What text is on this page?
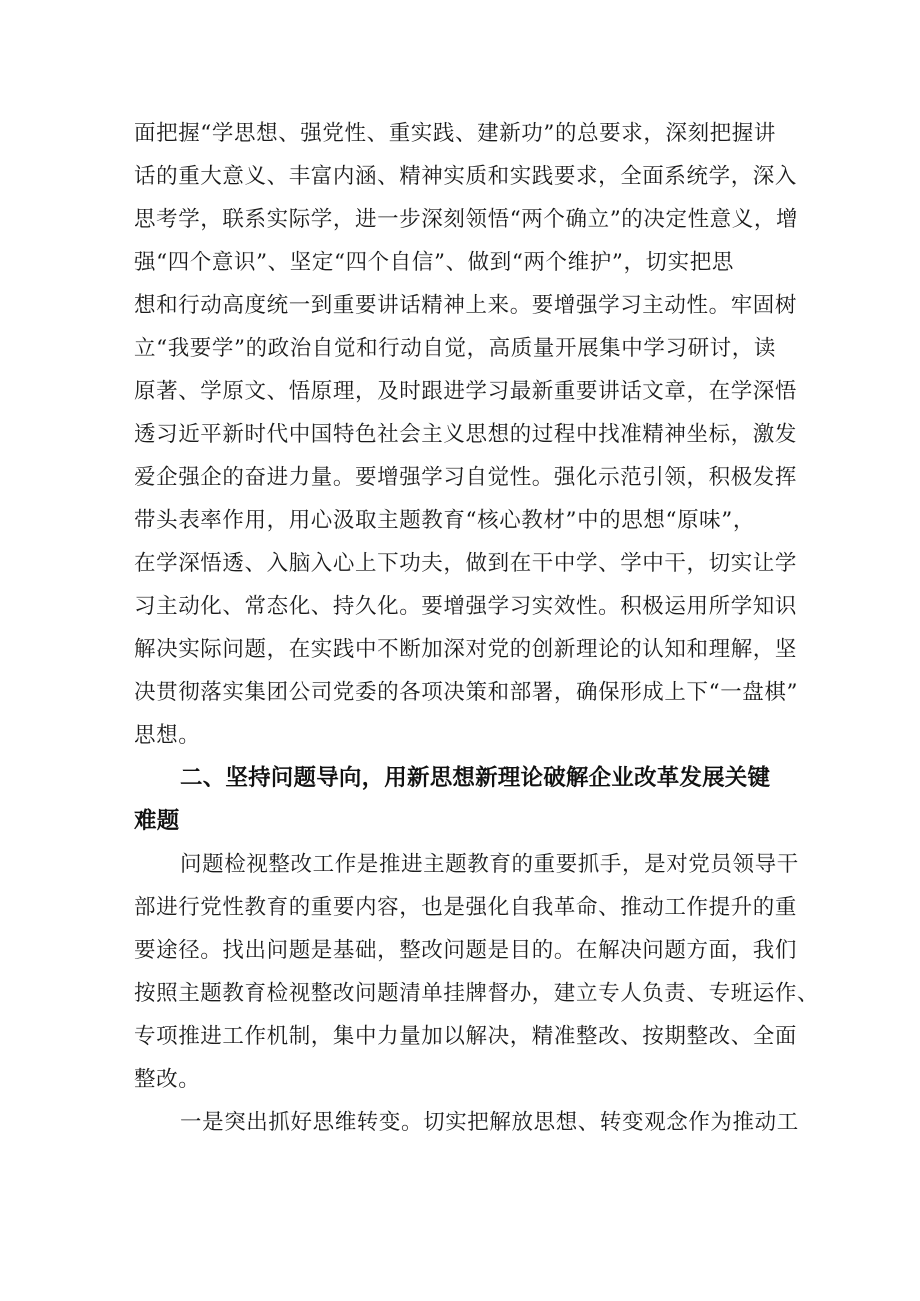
面把握“学思想、强党性、重实践、建新功”的总要求，深刻把握讲
话的重大意义、丰富内涵、精神实质和实践要求，全面系统学，深入
思考学，联系实际学，进一步深刻领悟“两个确立”的决定性意义，增
强“四个意识”、坚定“四个自信”、做到“两个维护”，切实把思
想和行动高度统一到重要讲话精神上来。要增强学习主动性。牢固树
立“我要学”的政治自觉和行动自觉，高质量开展集中学习研讨，读
原著、学原文、悟原理，及时跟进学习最新重要讲话文章，在学深悟
透习近平新时代中国特色社会主义思想的过程中找准精神坐标，激发
爱企强企的奋进力量。要增强学习自觉性。强化示范引领，积极发挥
带头表率作用，用心汲取主题教育“核心教材”中的思想“原味”，
在学深悟透、入脑入心上下功夫，做到在干中学、学中干，切实让学
习主动化、常态化、持久化。要增强学习实效性。积极运用所学知识
解决实际问题，在实践中不断加深对党的创新理论的认知和理解，坚
决贯彻落实集团公司党委的各项决策和部署，确保形成上下“一盘棋”
思想。
二、坚持问题导向，用新思想新理论破解企业改革发展关键
难题
问题检视整改工作是推进主题教育的重要抓手，是对党员领导干
部进行党性教育的重要内容，也是强化自我革命、推动工作提升的重
要途径。找出问题是基础，整改问题是目的。在解决问题方面，我们
按照主题教育检视整改问题清单挂牌督办，建立专人负责、专班运作、
专项推进工作机制，集中力量加以解决，精准整改、按期整改、全面
整改。
一是突出抓好思维转变。切实把解放思想、转变观念作为推动工
